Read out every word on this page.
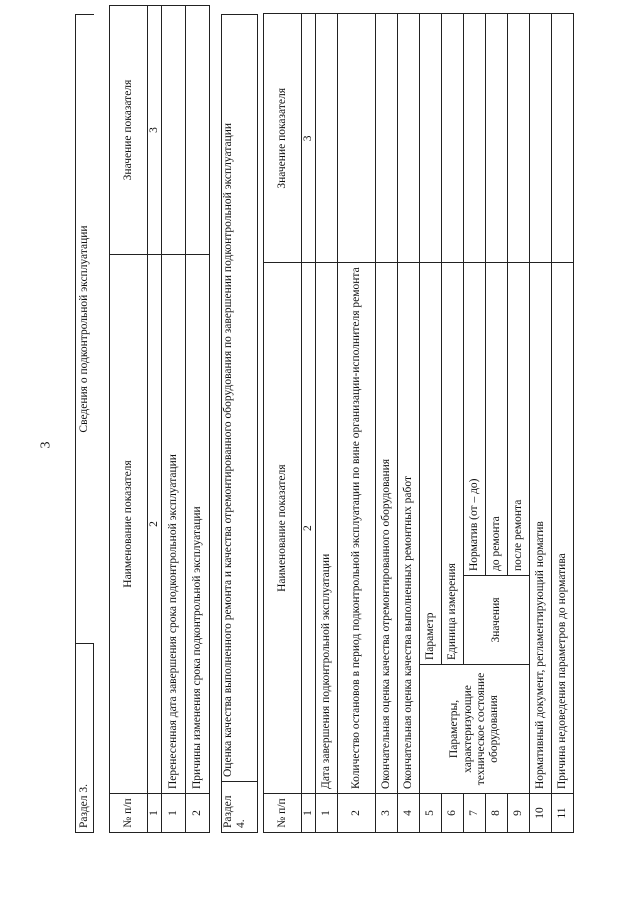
3
Раздел 3.	Сведения о подконтрольной эксплуатации
№ п/п	Наименование показателя	Значение показателя
1	2	3
1	Перенесенная дата завершения срока подконтрольной эксплуатации	
2	Причины изменения срока подконтрольной эксплуатации	
Раздел 4.	Оценка качества выполненного ремонта и качества отремонтированного оборудования по завершении подконтрольной эксплуатации
№ п/п	Наименование показателя			Значение показателя
1	2			3
1	Дата завершения подконтрольной эксплуатации			
2	Количество остановов в период подконтрольной эксплуатации по вине организации-исполнителя ремонта			
3	Окончательная оценка качества отремонтированного оборудования			
4	Окончательная оценка качества выполненных ремонтных работ			
5	Параметры, характеризующие техническое состояние оборудования	Параметр		
6		Единица измерения		
7		Значения	Норматив (от – до)	
8			до ремонта	
9			после ремонта	
10	Нормативный документ, регламентирующий норматив			
11	Причина недоведения параметров до норматива			
